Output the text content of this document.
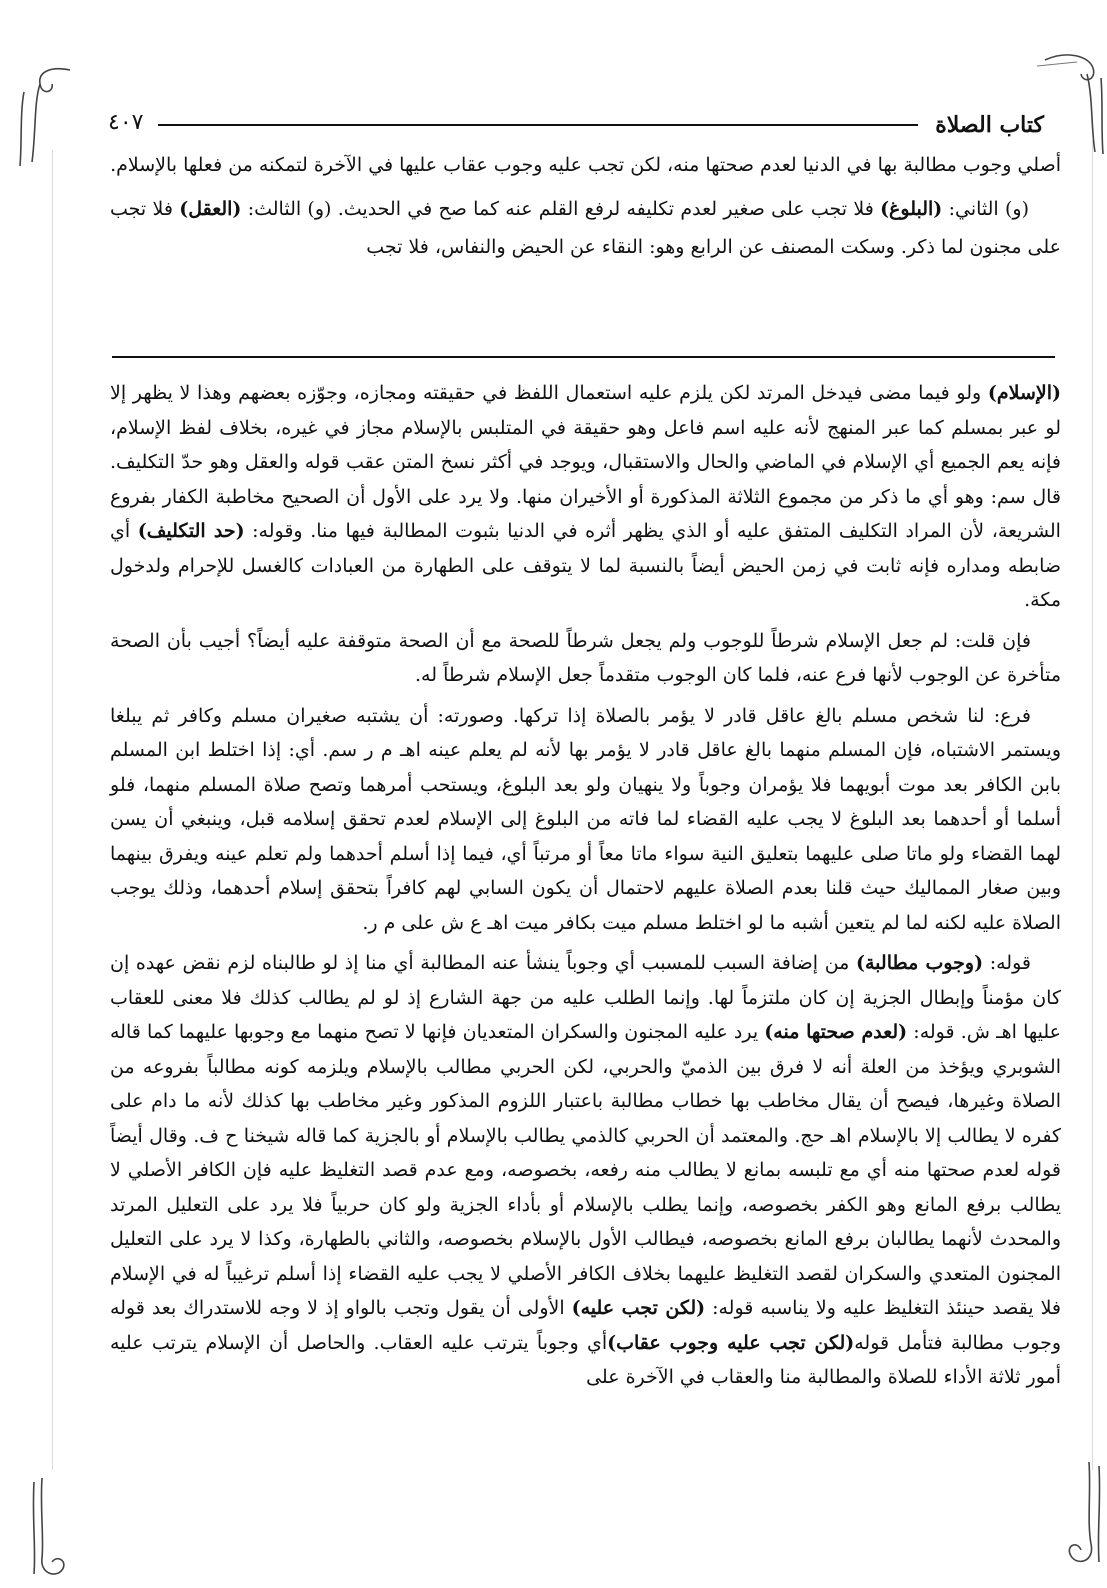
كتاب الصلاة
٤٠٧

أصلي وجوب مطالبة بها في الدنيا لعدم صحتها منه، لكن تجب عليه وجوب عقاب عليها في الآخرة لتمكنه من فعلها بالإسلام.

(و) الثاني: (البلوغ) فلا تجب على صغير لعدم تكليفه لرفع القلم عنه كما صح في الحديث. (و) الثالث: (العقل) فلا تجب على مجنون لما ذكر. وسكت المصنف عن الرابع وهو: النقاء عن الحيض والنفاس، فلا تجب

(الإسلام) ولو فيما مضى فيدخل المرتد لكن يلزم عليه استعمال اللفظ في حقيقته ومجازه، وجوّزه بعضهم وهذا لا يظهر إلا لو عبر بمسلم كما عبر المنهج لأنه عليه اسم فاعل وهو حقيقة في المتلبس بالإسلام مجاز في غيره، بخلاف لفظ الإسلام، فإنه يعم الجميع أي الإسلام في الماضي والحال والاستقبال، ويوجد في أكثر نسخ المتن عقب قوله والعقل وهو حدّ التكليف. قال سم: وهو أي ما ذكر من مجموع الثلاثة المذكورة أو الأخيران منها. ولا يرد على الأول أن الصحيح مخاطبة الكفار بفروع الشريعة، لأن المراد التكليف المتفق عليه أو الذي يظهر أثره في الدنيا بثبوت المطالبة فيها منا. وقوله: (حد التكليف) أي ضابطه ومداره فإنه ثابت في زمن الحيض أيضاً بالنسبة لما لا يتوقف على الطهارة من العبادات كالغسل للإحرام ولدخول مكة.

فإن قلت: لم جعل الإسلام شرطاً للوجوب ولم يجعل شرطاً للصحة مع أن الصحة متوقفة عليه أيضاً؟ أجيب بأن الصحة متأخرة عن الوجوب لأنها فرع عنه، فلما كان الوجوب متقدماً جعل الإسلام شرطاً له.

فرع: لنا شخص مسلم بالغ عاقل قادر لا يؤمر بالصلاة إذا تركها. وصورته: أن يشتبه صغيران مسلم وكافر ثم يبلغا ويستمر الاشتباه، فإن المسلم منهما بالغ عاقل قادر لا يؤمر بها لأنه لم يعلم عينه اهـ م ر سم. أي: إذا اختلط ابن المسلم بابن الكافر بعد موت أبويهما فلا يؤمران وجوباً ولا ينهيان ولو بعد البلوغ، ويستحب أمرهما وتصح صلاة المسلم منهما، فلو أسلما أو أحدهما بعد البلوغ لا يجب عليه القضاء لما فاته من البلوغ إلى الإسلام لعدم تحقق إسلامه قبل، وينبغي أن يسن لهما القضاء ولو ماتا صلى عليهما بتعليق النية سواء ماتا معاً أو مرتباً أي، فيما إذا أسلم أحدهما ولم تعلم عينه ويفرق بينهما وبين صغار المماليك حيث قلنا بعدم الصلاة عليهم لاحتمال أن يكون السابي لهم كافراً بتحقق إسلام أحدهما، وذلك يوجب الصلاة عليه لكنه لما لم يتعين أشبه ما لو اختلط مسلم ميت بكافر ميت اهـ ع ش على م ر.

قوله: (وجوب مطالبة) من إضافة السبب للمسبب أي وجوباً ينشأ عنه المطالبة أي منا إذ لو طالبناه لزم نقض عهده إن كان مؤمناً وإبطال الجزية إن كان ملتزماً لها. وإنما الطلب عليه من جهة الشارع إذ لو لم يطالب كذلك فلا معنى للعقاب عليها اهـ ش. قوله: (لعدم صحتها منه) يرد عليه المجنون والسكران المتعديان فإنها لا تصح منهما مع وجوبها عليهما كما قاله الشوبري ويؤخذ من العلة أنه لا فرق بين الذميّ والحربي، لكن الحربي مطالب بالإسلام ويلزمه كونه مطالباً بفروعه من الصلاة وغيرها، فيصح أن يقال مخاطب بها خطاب مطالبة باعتبار اللزوم المذكور وغير مخاطب بها كذلك لأنه ما دام على كفره لا يطالب إلا بالإسلام اهـ حج. والمعتمد أن الحربي كالذمي يطالب بالإسلام أو بالجزية كما قاله شيخنا ح ف. وقال أيضاً قوله لعدم صحتها منه أي مع تلبسه بمانع لا يطالب منه رفعه، بخصوصه، ومع عدم قصد التغليظ عليه فإن الكافر الأصلي لا يطالب برفع المانع وهو الكفر بخصوصه، وإنما يطلب بالإسلام أو بأداء الجزية ولو كان حربياً فلا يرد على التعليل المرتد والمحدث لأنهما يطالبان برفع المانع بخصوصه، فيطالب الأول بالإسلام بخصوصه، والثاني بالطهارة، وكذا لا يرد على التعليل المجنون المتعدي والسكران لقصد التغليظ عليهما بخلاف الكافر الأصلي لا يجب عليه القضاء إذا أسلم ترغيباً له في الإسلام فلا يقصد حينئذ التغليظ عليه ولا يناسبه قوله: (لكن تجب عليه) الأولى أن يقول وتجب بالواو إذ لا وجه للاستدراك بعد قوله وجوب مطالبة فتأمل قوله(لكن تجب عليه وجوب عقاب)أي وجوباً يترتب عليه العقاب. والحاصل أن الإسلام يترتب عليه أمور ثلاثة الأداء للصلاة والمطالبة منا والعقاب في الآخرة على
